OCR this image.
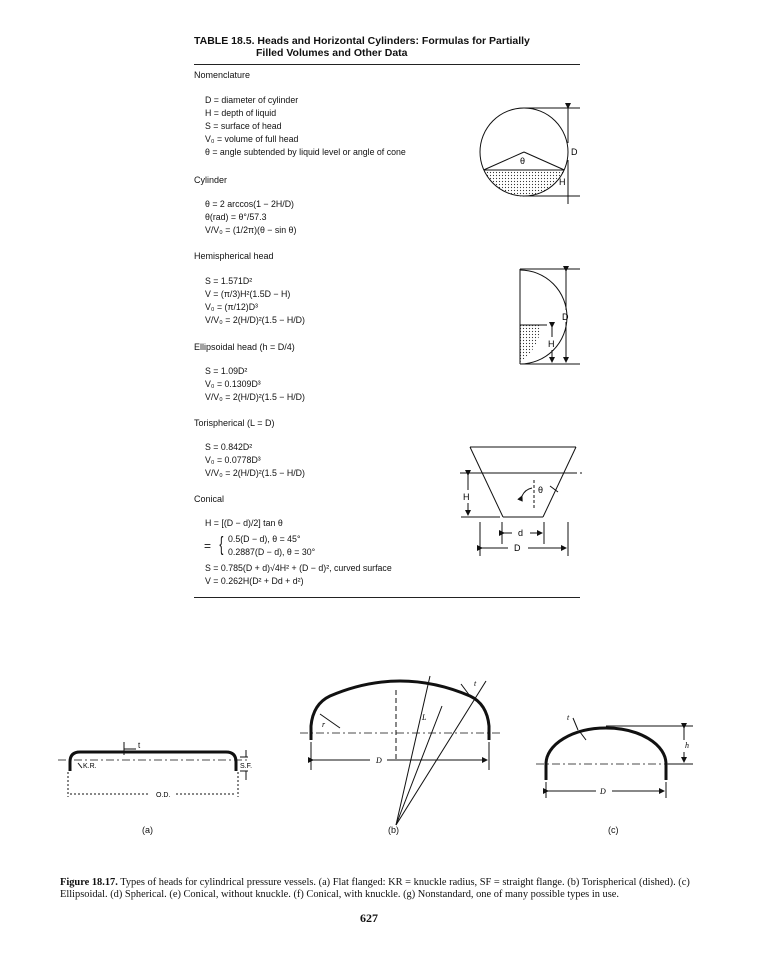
TABLE 18.5. Heads and Horizontal Cylinders: Formulas for Partially
Filled Volumes and Other Data
Nomenclature
D = diameter of cylinder
H = depth of liquid
S = surface of head
V₀ = volume of full head
θ = angle subtended by liquid level or angle of cone
Cylinder
θ = 2 arccos(1 − 2H/D)
θ(rad) = θ°/57.3
V/V₀ = (1/2π)(θ − sin θ)
Hemispherical head
S = 1.571D²
V = (π/3)H²(1.5D − H)
V₀ = (π/12)D³
V/V₀ = 2(H/D)²(1.5 − H/D)
Ellipsoidal head (h = D/4)
S = 1.09D²
V₀ = 0.1309D³
V/V₀ = 2(H/D)²(1.5 − H/D)
Torispherical (L = D)
S = 0.842D²
V₀ = 0.0778D³
V/V₀ = 2(H/D)²(1.5 − H/D)
Conical
H = [(D − d)/2] tan θ
= { 0.5(D − d), θ = 45°
0.2887(D − d), θ = 30°
S = 0.785(D + d)√4H² + (D − d)², curved surface
V = 0.262H(D² + Dd + d²)
θ
D
H
D
H
H
θ
d
D
K.R.
t
S.F.
O.D.
r
L
t
D
t
h
D
(a)	(b)	(c)
Figure 18.17. Types of heads for cylindrical pressure vessels. (a) Flat flanged: KR = knuckle radius, SF = straight flange. (b) Torispherical (dished). (c) Ellipsoidal. (d) Spherical. (e) Conical, without knuckle. (f) Conical, with knuckle. (g) Nonstandard, one of many possible types in use.
627
